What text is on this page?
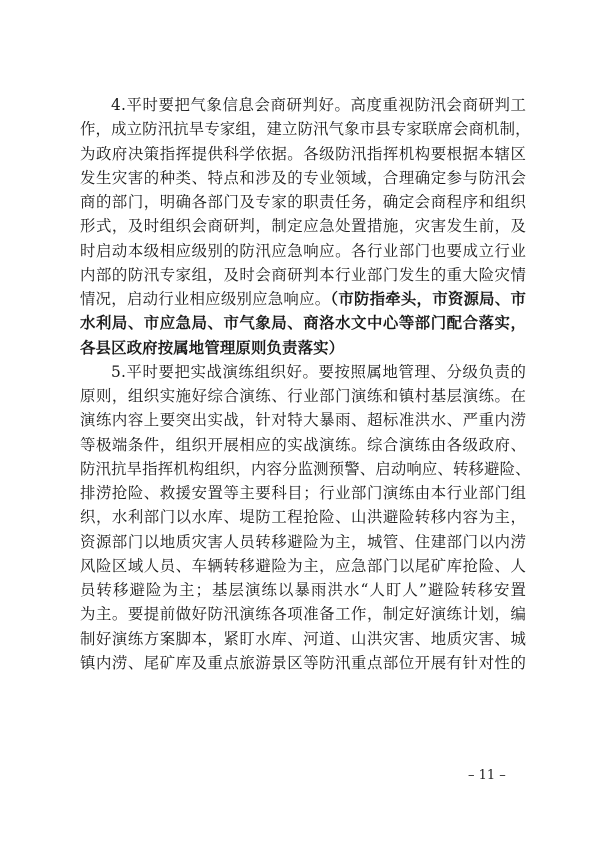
4.平时要把气象信息会商研判好。高度重视防汛会商研判工
作，成立防汛抗旱专家组，建立防汛气象市县专家联席会商机制，
为政府决策指挥提供科学依据。各级防汛指挥机构要根据本辖区
发生灾害的种类、特点和涉及的专业领域，合理确定参与防汛会
商的部门，明确各部门及专家的职责任务，确定会商程序和组织
形式，及时组织会商研判，制定应急处置措施，灾害发生前，及
时启动本级相应级别的防汛应急响应。各行业部门也要成立行业
内部的防汛专家组，及时会商研判本行业部门发生的重大险灾情
情况，启动行业相应级别应急响应。（市防指牵头，市资源局、市
水利局、市应急局、市气象局、商洛水文中心等部门配合落实，
各县区政府按属地管理原则负责落实）

5.平时要把实战演练组织好。要按照属地管理、分级负责的
原则，组织实施好综合演练、行业部门演练和镇村基层演练。在
演练内容上要突出实战，针对特大暴雨、超标准洪水、严重内涝
等极端条件，组织开展相应的实战演练。综合演练由各级政府、
防汛抗旱指挥机构组织，内容分监测预警、启动响应、转移避险、
排涝抢险、救援安置等主要科目；行业部门演练由本行业部门组
织，水利部门以水库、堤防工程抢险、山洪避险转移内容为主，
资源部门以地质灾害人员转移避险为主，城管、住建部门以内涝
风险区域人员、车辆转移避险为主，应急部门以尾矿库抢险、人
员转移避险为主；基层演练以暴雨洪水“人盯人”避险转移安置
为主。要提前做好防汛演练各项准备工作，制定好演练计划，编
制好演练方案脚本，紧盯水库、河道、山洪灾害、地质灾害、城
镇内涝、尾矿库及重点旅游景区等防汛重点部位开展有针对性的

– 11 –
